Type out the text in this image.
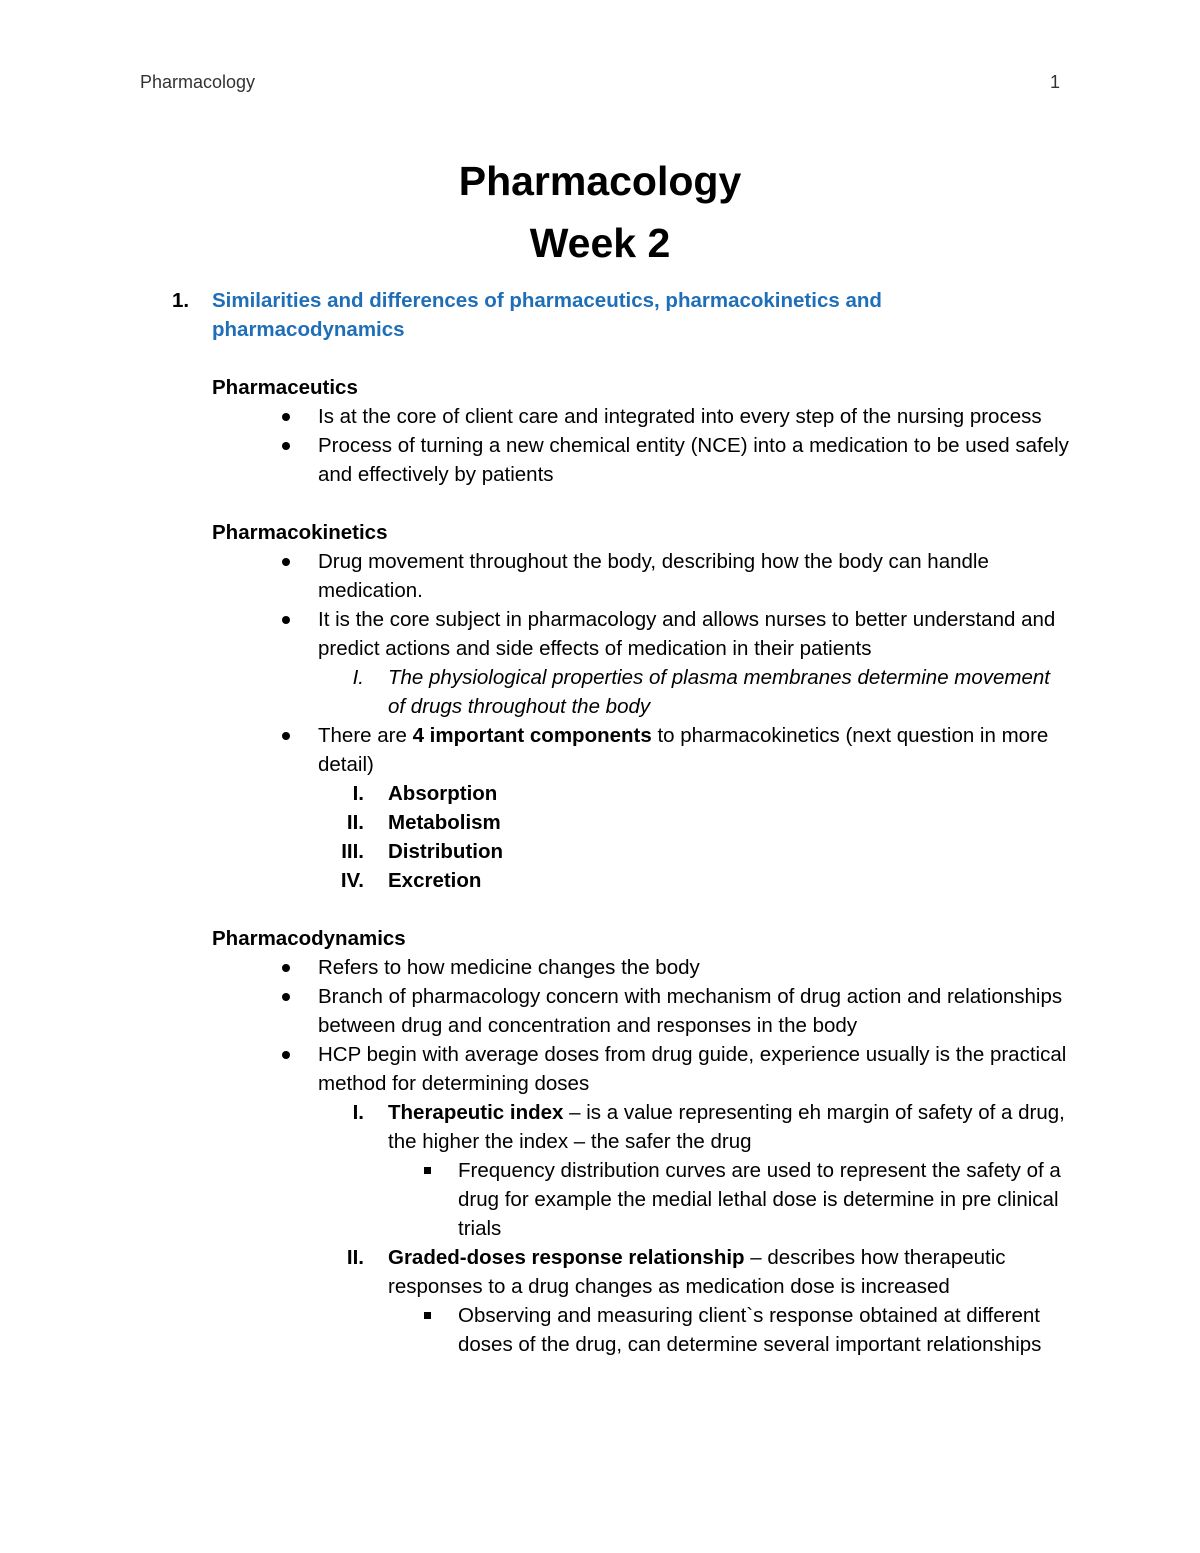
Pharmacology	1
Pharmacology
Week 2
1.	Similarities and differences of pharmaceutics, pharmacokinetics and pharmacodynamics
Pharmaceutics
Is at the core of client care and integrated into every step of the nursing process
Process of turning a new chemical entity (NCE) into a medication to be used safely and effectively by patients
Pharmacokinetics
Drug movement throughout the body, describing how the body can handle medication.
It is the core subject in pharmacology and allows nurses to better understand and predict actions and side effects of medication in their patients
I. The physiological properties of plasma membranes determine movement of drugs throughout the body
There are 4 important components to pharmacokinetics (next question in more detail)
I. Absorption
II. Metabolism
III. Distribution
IV. Excretion
Pharmacodynamics
Refers to how medicine changes the body
Branch of pharmacology concern with mechanism of drug action and relationships between drug and concentration and responses in the body
HCP begin with average doses from drug guide, experience usually is the practical method for determining doses
I. Therapeutic index – is a value representing eh margin of safety of a drug, the higher the index – the safer the drug
Frequency distribution curves are used to represent the safety of a drug for example the medial lethal dose is determine in pre clinical trials
II. Graded-doses response relationship – describes how therapeutic responses to a drug changes as medication dose is increased
Observing and measuring client`s response obtained at different doses of the drug, can determine several important relationships
